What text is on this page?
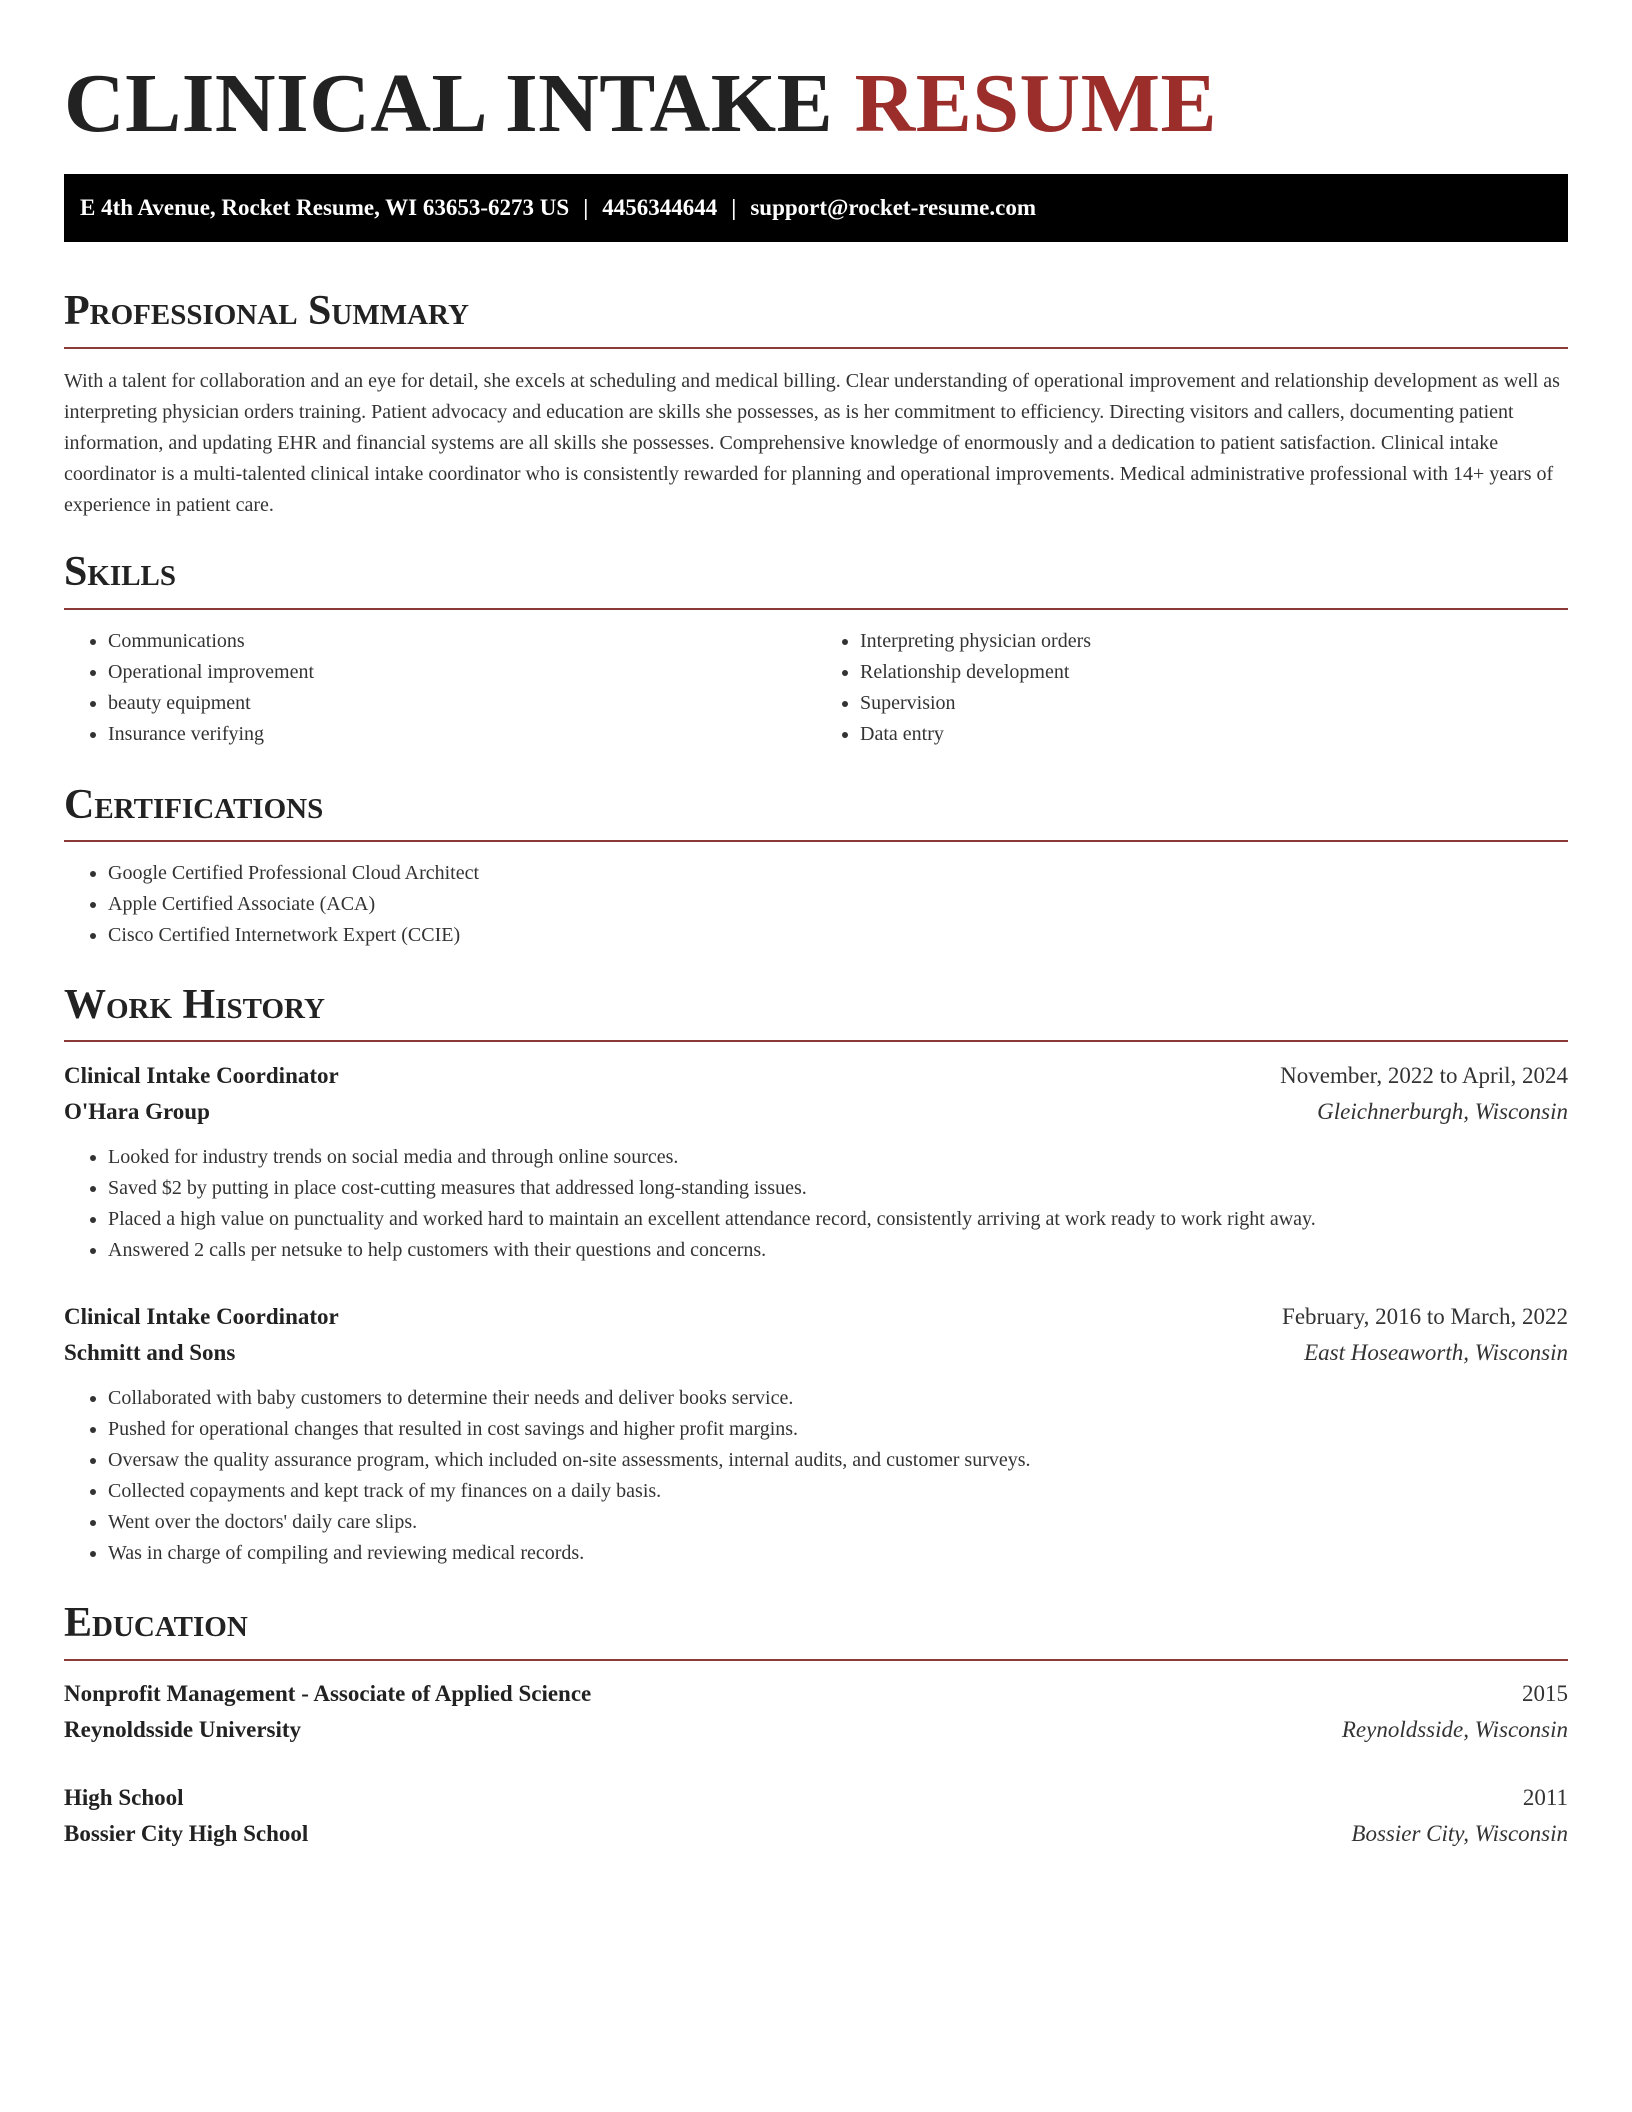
CLINICAL INTAKE RESUME
E 4th Avenue, Rocket Resume, WI 63653-6273 US | 4456344644 | support@rocket-resume.com
Professional Summary

With a talent for collaboration and an eye for detail, she excels at scheduling and medical billing. Clear understanding of operational improvement and relationship development as well as interpreting physician orders training. Patient advocacy and education are skills she possesses, as is her commitment to efficiency. Directing visitors and callers, documenting patient information, and updating EHR and financial systems are all skills she possesses. Comprehensive knowledge of enormously and a dedication to patient satisfaction. Clinical intake coordinator is a multi-talented clinical intake coordinator who is consistently rewarded for planning and operational improvements. Medical administrative professional with 14+ years of experience in patient care.

Skills
• Communications
• Operational improvement
• beauty equipment
• Insurance verifying
• Interpreting physician orders
• Relationship development
• Supervision
• Data entry
Certifications
• Google Certified Professional Cloud Architect
• Apple Certified Associate (ACA)
• Cisco Certified Internetwork Expert (CCIE)
Work History
Clinical Intake Coordinator	November, 2022 to April, 2024
O'Hara Group	Gleichnerburgh, Wisconsin
• Looked for industry trends on social media and through online sources.
• Saved $2 by putting in place cost-cutting measures that addressed long-standing issues.
• Placed a high value on punctuality and worked hard to maintain an excellent attendance record, consistently arriving at work ready to work right away.
• Answered 2 calls per netsuke to help customers with their questions and concerns.
Clinical Intake Coordinator	February, 2016 to March, 2022
Schmitt and Sons	East Hoseaworth, Wisconsin
• Collaborated with baby customers to determine their needs and deliver books service.
• Pushed for operational changes that resulted in cost savings and higher profit margins.
• Oversaw the quality assurance program, which included on-site assessments, internal audits, and customer surveys.
• Collected copayments and kept track of my finances on a daily basis.
• Went over the doctors' daily care slips.
• Was in charge of compiling and reviewing medical records.
Education
Nonprofit Management - Associate of Applied Science	2015
Reynoldsside University	Reynoldsside, Wisconsin
High School	2011
Bossier City High School	Bossier City, Wisconsin
